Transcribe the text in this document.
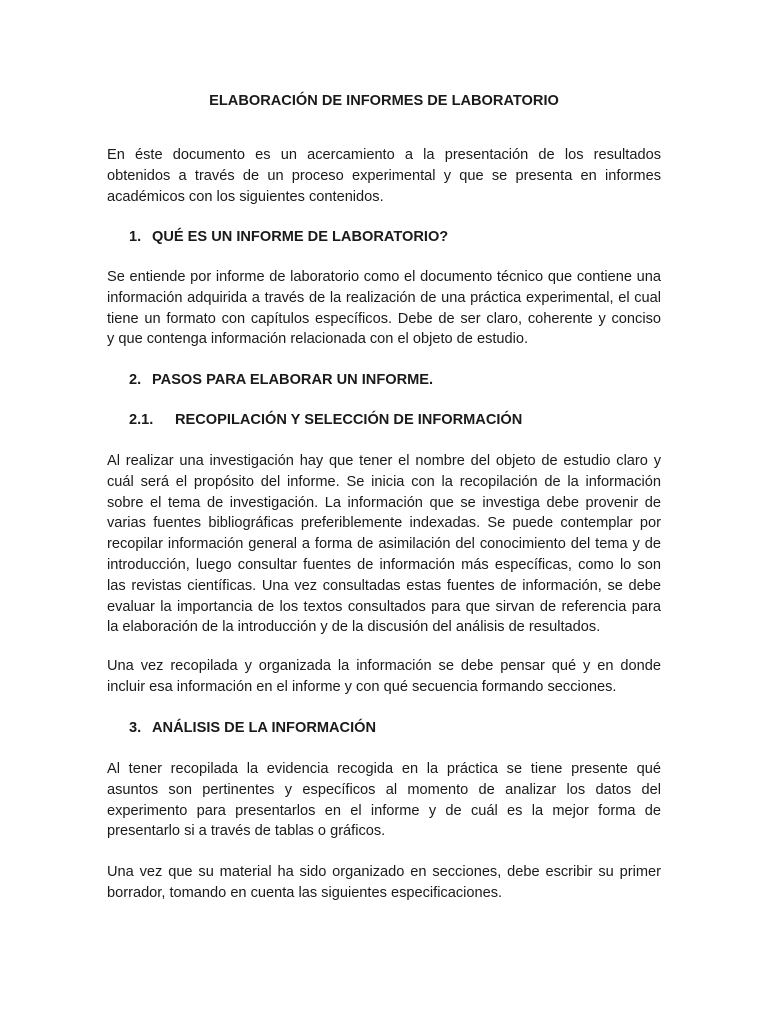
ELABORACIÓN DE INFORMES DE LABORATORIO
En éste documento es un acercamiento a la presentación de los resultados
obtenidos a través de un proceso experimental y que se presenta en informes
académicos con los siguientes contenidos.
1. QUÉ ES UN INFORME DE LABORATORIO?
Se entiende por informe de laboratorio como el documento técnico que contiene una
información adquirida a través de la realización de una práctica experimental, el cual
tiene un formato con capítulos específicos. Debe de ser claro, coherente y conciso
y que contenga información relacionada con el objeto de estudio.
2. PASOS PARA ELABORAR UN INFORME.
2.1. RECOPILACIÓN Y SELECCIÓN DE INFORMACIÓN
Al realizar una investigación hay que tener el nombre del objeto de estudio claro y
cuál será el propósito del informe. Se inicia con la recopilación de la información
sobre el tema de investigación. La información que se investiga debe provenir de
varias fuentes bibliográficas preferiblemente indexadas. Se puede contemplar por
recopilar información general a forma de asimilación del conocimiento del tema y de
introducción, luego consultar fuentes de información más específicas, como lo son
las revistas científicas. Una vez consultadas estas fuentes de información, se debe
evaluar la importancia de los textos consultados para que sirvan de referencia para
la elaboración de la introducción y de la discusión del análisis de resultados.
Una vez recopilada y organizada la información se debe pensar qué y en donde
incluir esa información en el informe y con qué secuencia formando secciones.
3. ANÁLISIS DE LA INFORMACIÓN
Al tener recopilada la evidencia recogida en la práctica se tiene presente qué
asuntos son pertinentes y específicos al momento de analizar los datos del
experimento para presentarlos en el informe y de cuál es la mejor forma de
presentarlo si a través de tablas o gráficos.
Una vez que su material ha sido organizado en secciones, debe escribir su primer
borrador, tomando en cuenta las siguientes especificaciones.
